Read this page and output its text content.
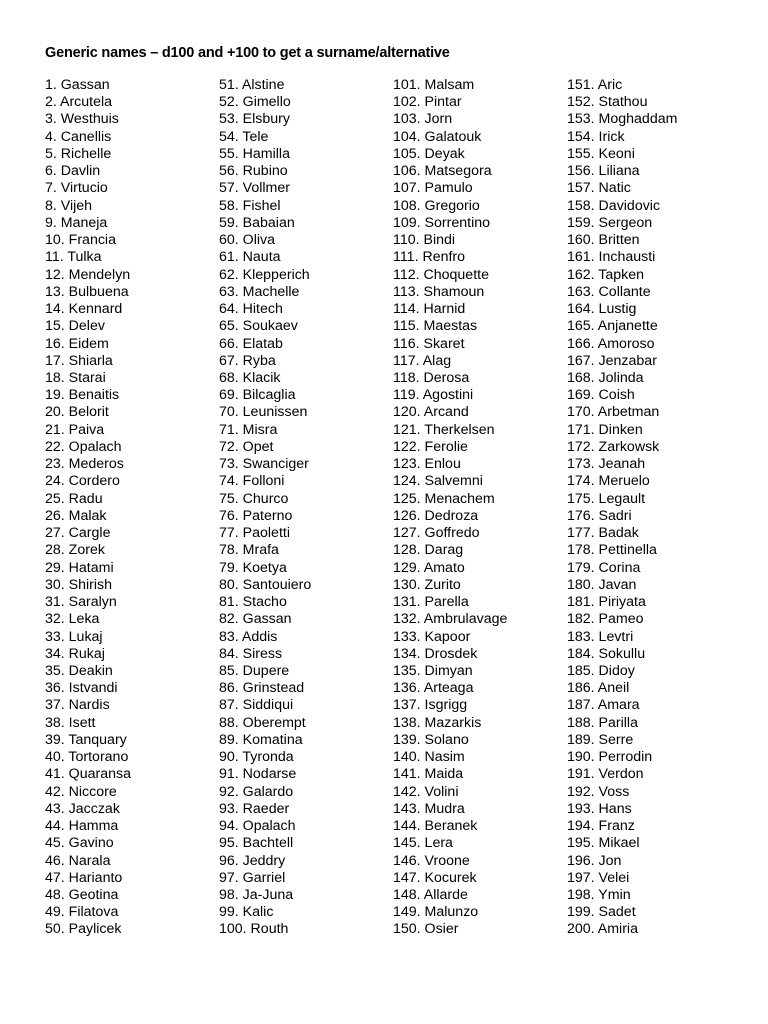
Generic names – d100 and +100 to get a surname/alternative
1. Gassan
2. Arcutela
3. Westhuis
4. Canellis
5. Richelle
6. Davlin
7. Virtucio
8. Vijeh
9. Maneja
10. Francia
11. Tulka
12. Mendelyn
13. Bulbuena
14. Kennard
15. Delev
16. Eidem
17. Shiarla
18. Starai
19. Benaitis
20. Belorit
21. Paiva
22. Opalach
23. Mederos
24. Cordero
25. Radu
26. Malak
27. Cargle
28. Zorek
29. Hatami
30. Shirish
31. Saralyn
32. Leka
33. Lukaj
34. Rukaj
35. Deakin
36. Istvandi
37. Nardis
38. Isett
39. Tanquary
40. Tortorano
41. Quaransa
42. Niccore
43. Jacczak
44. Hamma
45. Gavino
46. Narala
47. Harianto
48. Geotina
49. Filatova
50. Paylicek
51. Alstine
52. Gimello
53. Elsbury
54. Tele
55. Hamilla
56. Rubino
57. Vollmer
58. Fishel
59. Babaian
60. Oliva
61. Nauta
62. Klepperich
63. Machelle
64. Hitech
65. Soukaev
66. Elatab
67. Ryba
68. Klacik
69. Bilcaglia
70. Leunissen
71. Misra
72. Opet
73. Swanciger
74. Folloni
75. Churco
76. Paterno
77. Paoletti
78. Mrafa
79. Koetya
80. Santouiero
81. Stacho
82. Gassan
83. Addis
84. Siress
85. Dupere
86. Grinstead
87. Siddiqui
88. Oberempt
89. Komatina
90. Tyronda
91. Nodarse
92. Galardo
93. Raeder
94. Opalach
95. Bachtell
96. Jeddry
97. Garriel
98. Ja-Juna
99. Kalic
100. Routh
101. Malsam
102. Pintar
103. Jorn
104. Galatouk
105. Deyak
106. Matsegora
107. Pamulo
108. Gregorio
109. Sorrentino
110. Bindi
111. Renfro
112. Choquette
113. Shamoun
114. Harnid
115. Maestas
116. Skaret
117. Alag
118. Derosa
119. Agostini
120. Arcand
121. Therkelsen
122. Ferolie
123. Enlou
124. Salvemni
125. Menachem
126. Dedroza
127. Goffredo
128. Darag
129. Amato
130. Zurito
131. Parella
132. Ambrulavage
133. Kapoor
134. Drosdek
135. Dimyan
136. Arteaga
137. Isgrigg
138. Mazarkis
139. Solano
140. Nasim
141. Maida
142. Volini
143. Mudra
144. Beranek
145. Lera
146. Vroone
147. Kocurek
148. Allarde
149. Malunzo
150. Osier
151. Aric
152. Stathou
153. Moghaddam
154. Irick
155. Keoni
156. Liliana
157. Natic
158. Davidovic
159. Sergeon
160. Britten
161. Inchausti
162. Tapken
163. Collante
164. Lustig
165. Anjanette
166. Amoroso
167. Jenzabar
168. Jolinda
169. Coish
170. Arbetman
171. Dinken
172. Zarkowsk
173. Jeanah
174. Meruelo
175. Legault
176. Sadri
177. Badak
178. Pettinella
179. Corina
180. Javan
181. Piriyata
182. Pameo
183. Levtri
184. Sokullu
185. Didoy
186. Aneil
187. Amara
188. Parilla
189. Serre
190. Perrodin
191. Verdon
192. Voss
193. Hans
194. Franz
195. Mikael
196. Jon
197. Velei
198. Ymin
199. Sadet
200. Amiria
